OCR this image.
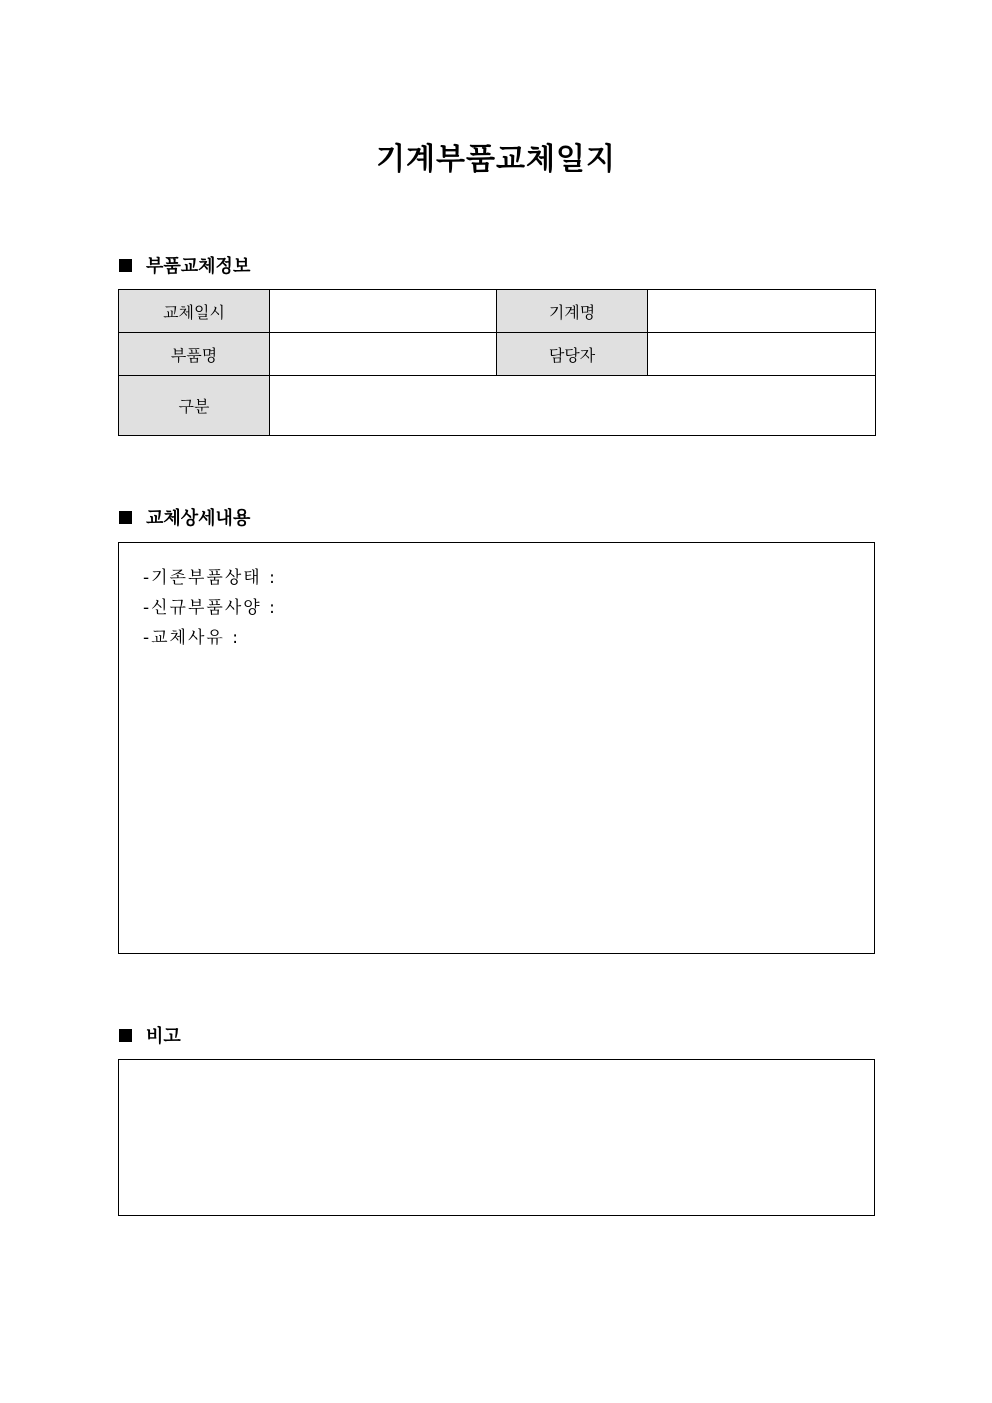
기계부품교체일지
부품교체정보
교체일시		기계명	
부품명		담당자	
구분			
교체상세내용
-기존부품상태 :
-신규부품사양 :
-교체사유 :
비고
